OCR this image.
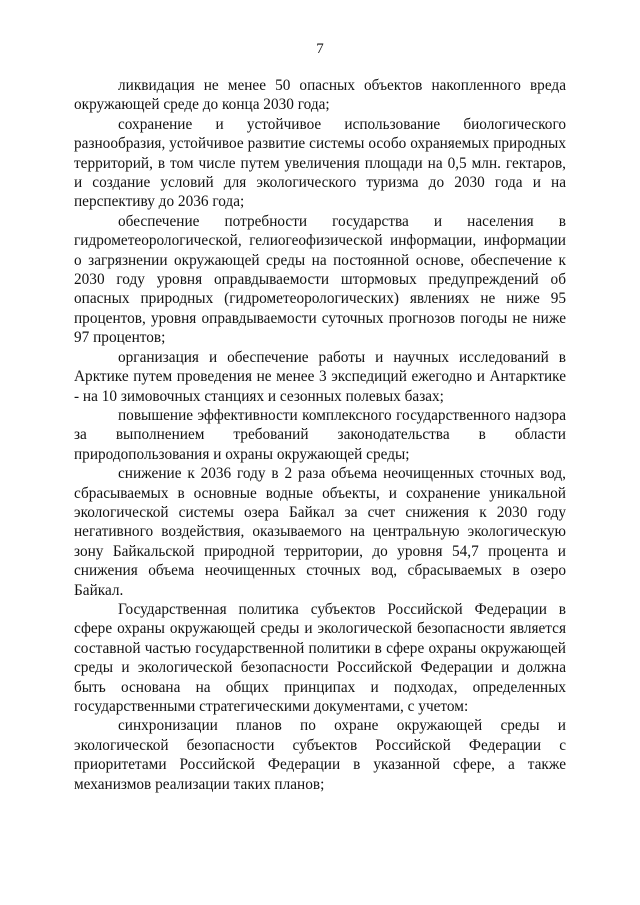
7

ликвидация не менее 50 опасных объектов накопленного вреда окружающей среде до конца 2030 года;

сохранение и устойчивое использование биологического разнообразия, устойчивое развитие системы особо охраняемых природных территорий, в том числе путем увеличения площади на 0,5 млн. гектаров, и создание условий для экологического туризма до 2030 года и на перспективу до 2036 года;

обеспечение потребности государства и населения в гидрометеорологической, гелиогеофизической информации, информации о загрязнении окружающей среды на постоянной основе, обеспечение к 2030 году уровня оправдываемости штормовых предупреждений об опасных природных (гидрометеорологических) явлениях не ниже 95 процентов, уровня оправдываемости суточных прогнозов погоды не ниже 97 процентов;

организация и обеспечение работы и научных исследований в Арктике путем проведения не менее 3 экспедиций ежегодно и Антарктике - на 10 зимовочных станциях и сезонных полевых базах;

повышение эффективности комплексного государственного надзора за выполнением требований законодательства в области природопользования и охраны окружающей среды;

снижение к 2036 году в 2 раза объема неочищенных сточных вод, сбрасываемых в основные водные объекты, и сохранение уникальной экологической системы озера Байкал за счет снижения к 2030 году негативного воздействия, оказываемого на центральную экологическую зону Байкальской природной территории, до уровня 54,7 процента и снижения объема неочищенных сточных вод, сбрасываемых в озеро Байкал.

Государственная политика субъектов Российской Федерации в сфере охраны окружающей среды и экологической безопасности является составной частью государственной политики в сфере охраны окружающей среды и экологической безопасности Российской Федерации и должна быть основана на общих принципах и подходах, определенных государственными стратегическими документами, с учетом:

синхронизации планов по охране окружающей среды и экологической безопасности субъектов Российской Федерации с приоритетами Российской Федерации в указанной сфере, а также механизмов реализации таких планов;
